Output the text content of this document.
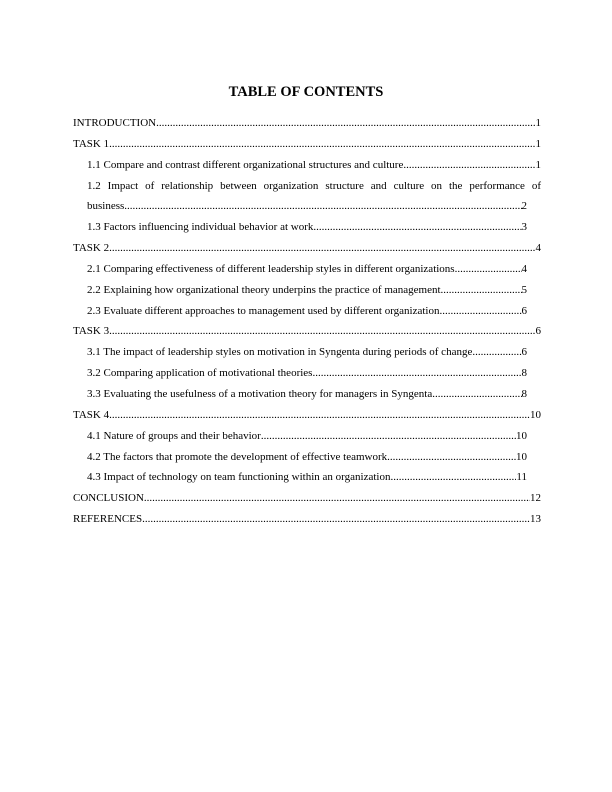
TABLE OF CONTENTS
INTRODUCTION .....	1
TASK 1 .....	1
1.1 Compare and contrast different organizational structures and culture .....	1
1.2 Impact of relationship between organization structure and culture on the performance of
business .....	2
1.3 Factors influencing individual behavior at work .....	3
TASK 2 .....	4
2.1 Comparing effectiveness of different leadership styles in different organizations .....	4
2.2 Explaining how organizational theory underpins the practice of management .....	5
2.3 Evaluate different approaches to management used by different organization .....	6
TASK 3 .....	6
3.1 The impact of leadership styles on motivation in Syngenta during periods of change .....	6
3.2 Comparing application of motivational theories .....	8
3.3 Evaluating the usefulness of a motivation theory for managers in Syngenta .....	8
TASK 4 .....	10
4.1 Nature of groups and their behavior .....	10
4.2 The factors that promote the development of effective teamwork .....	10
4.3 Impact of technology on team functioning within an organization .....	11
CONCLUSION .....	12
REFERENCES .....	13
